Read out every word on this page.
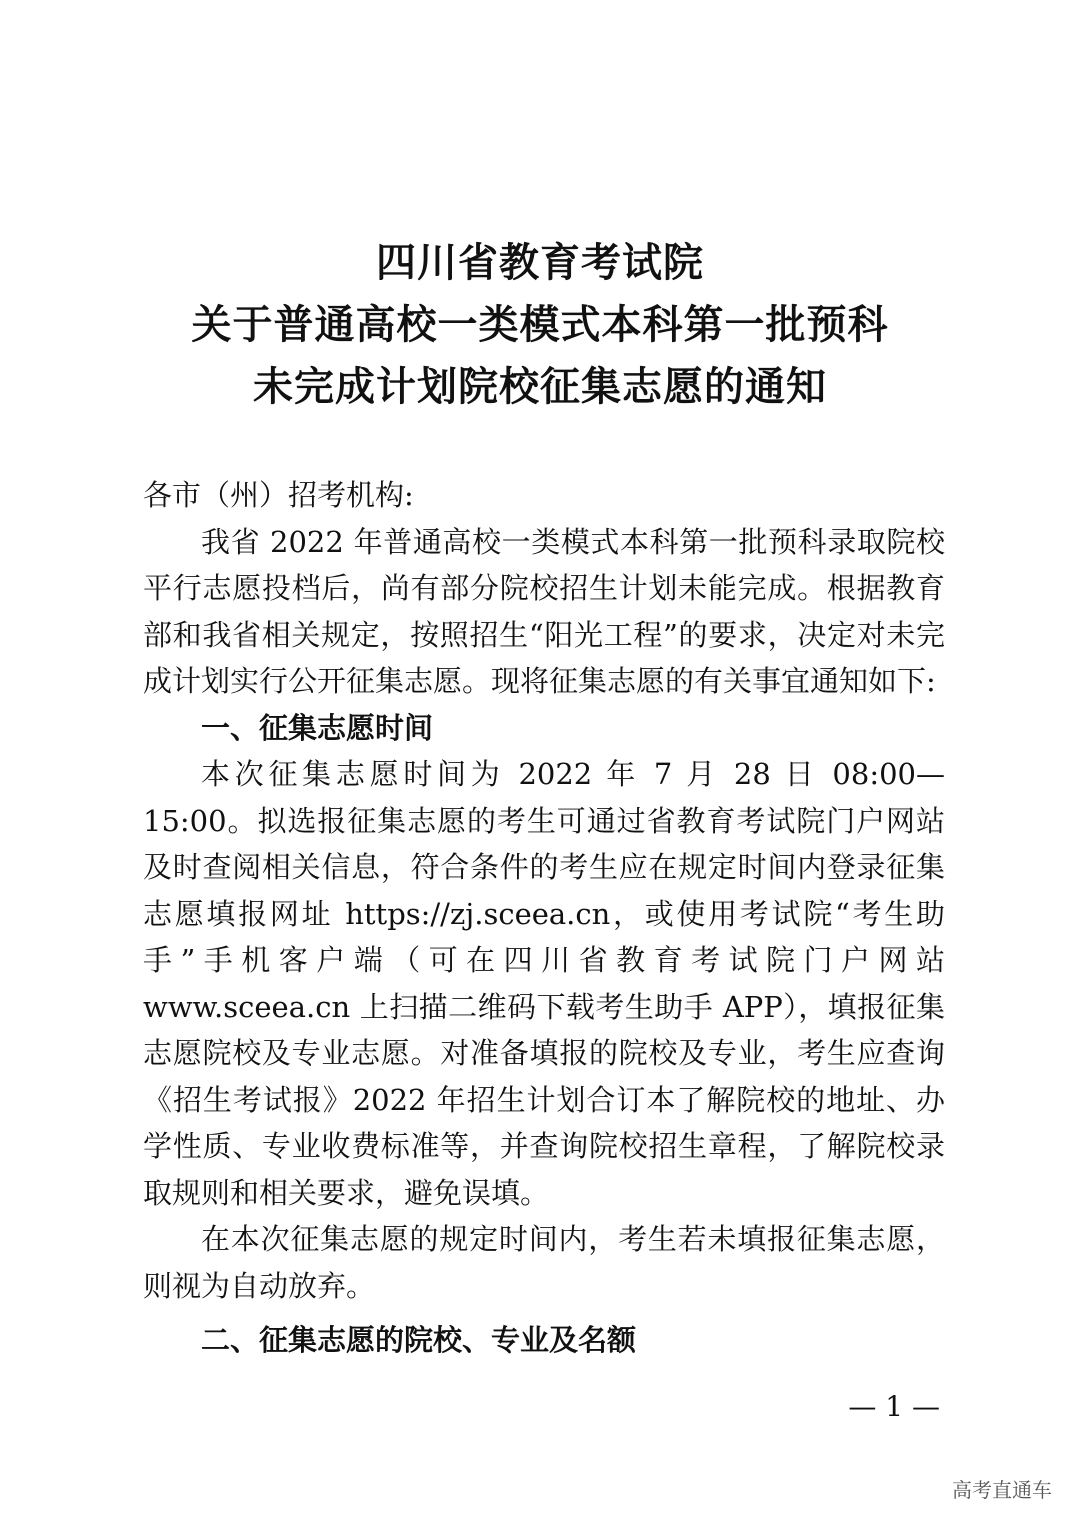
四川省教育考试院
关于普通高校一类模式本科第一批预科
未完成计划院校征集志愿的通知

各市（州）招考机构:

我省 2022 年普通高校一类模式本科第一批预科录取院校平行志愿投档后，尚有部分院校招生计划未能完成。根据教育部和我省相关规定，按照招生“阳光工程”的要求，决定对未完成计划实行公开征集志愿。现将征集志愿的有关事宜通知如下:

一、征集志愿时间

本次征集志愿时间为 2022 年 7 月 28 日 08:00—15:00。拟选报征集志愿的考生可通过省教育考试院门户网站及时查阅相关信息，符合条件的考生应在规定时间内登录征集志愿填报网址 https://zj.sceea.cn，或使用考试院“考生助手”手机客户端（可在四川省教育考试院门户网站 www.sceea.cn 上扫描二维码下载考生助手 APP），填报征集志愿院校及专业志愿。对准备填报的院校及专业，考生应查询《招生考试报》2022 年招生计划合订本了解院校的地址、办学性质、专业收费标准等，并查询院校招生章程，了解院校录取规则和相关要求，避免误填。

在本次征集志愿的规定时间内，考生若未填报征集志愿，则视为自动放弃。

二、征集志愿的院校、专业及名额

— 1 —
高考直通车
